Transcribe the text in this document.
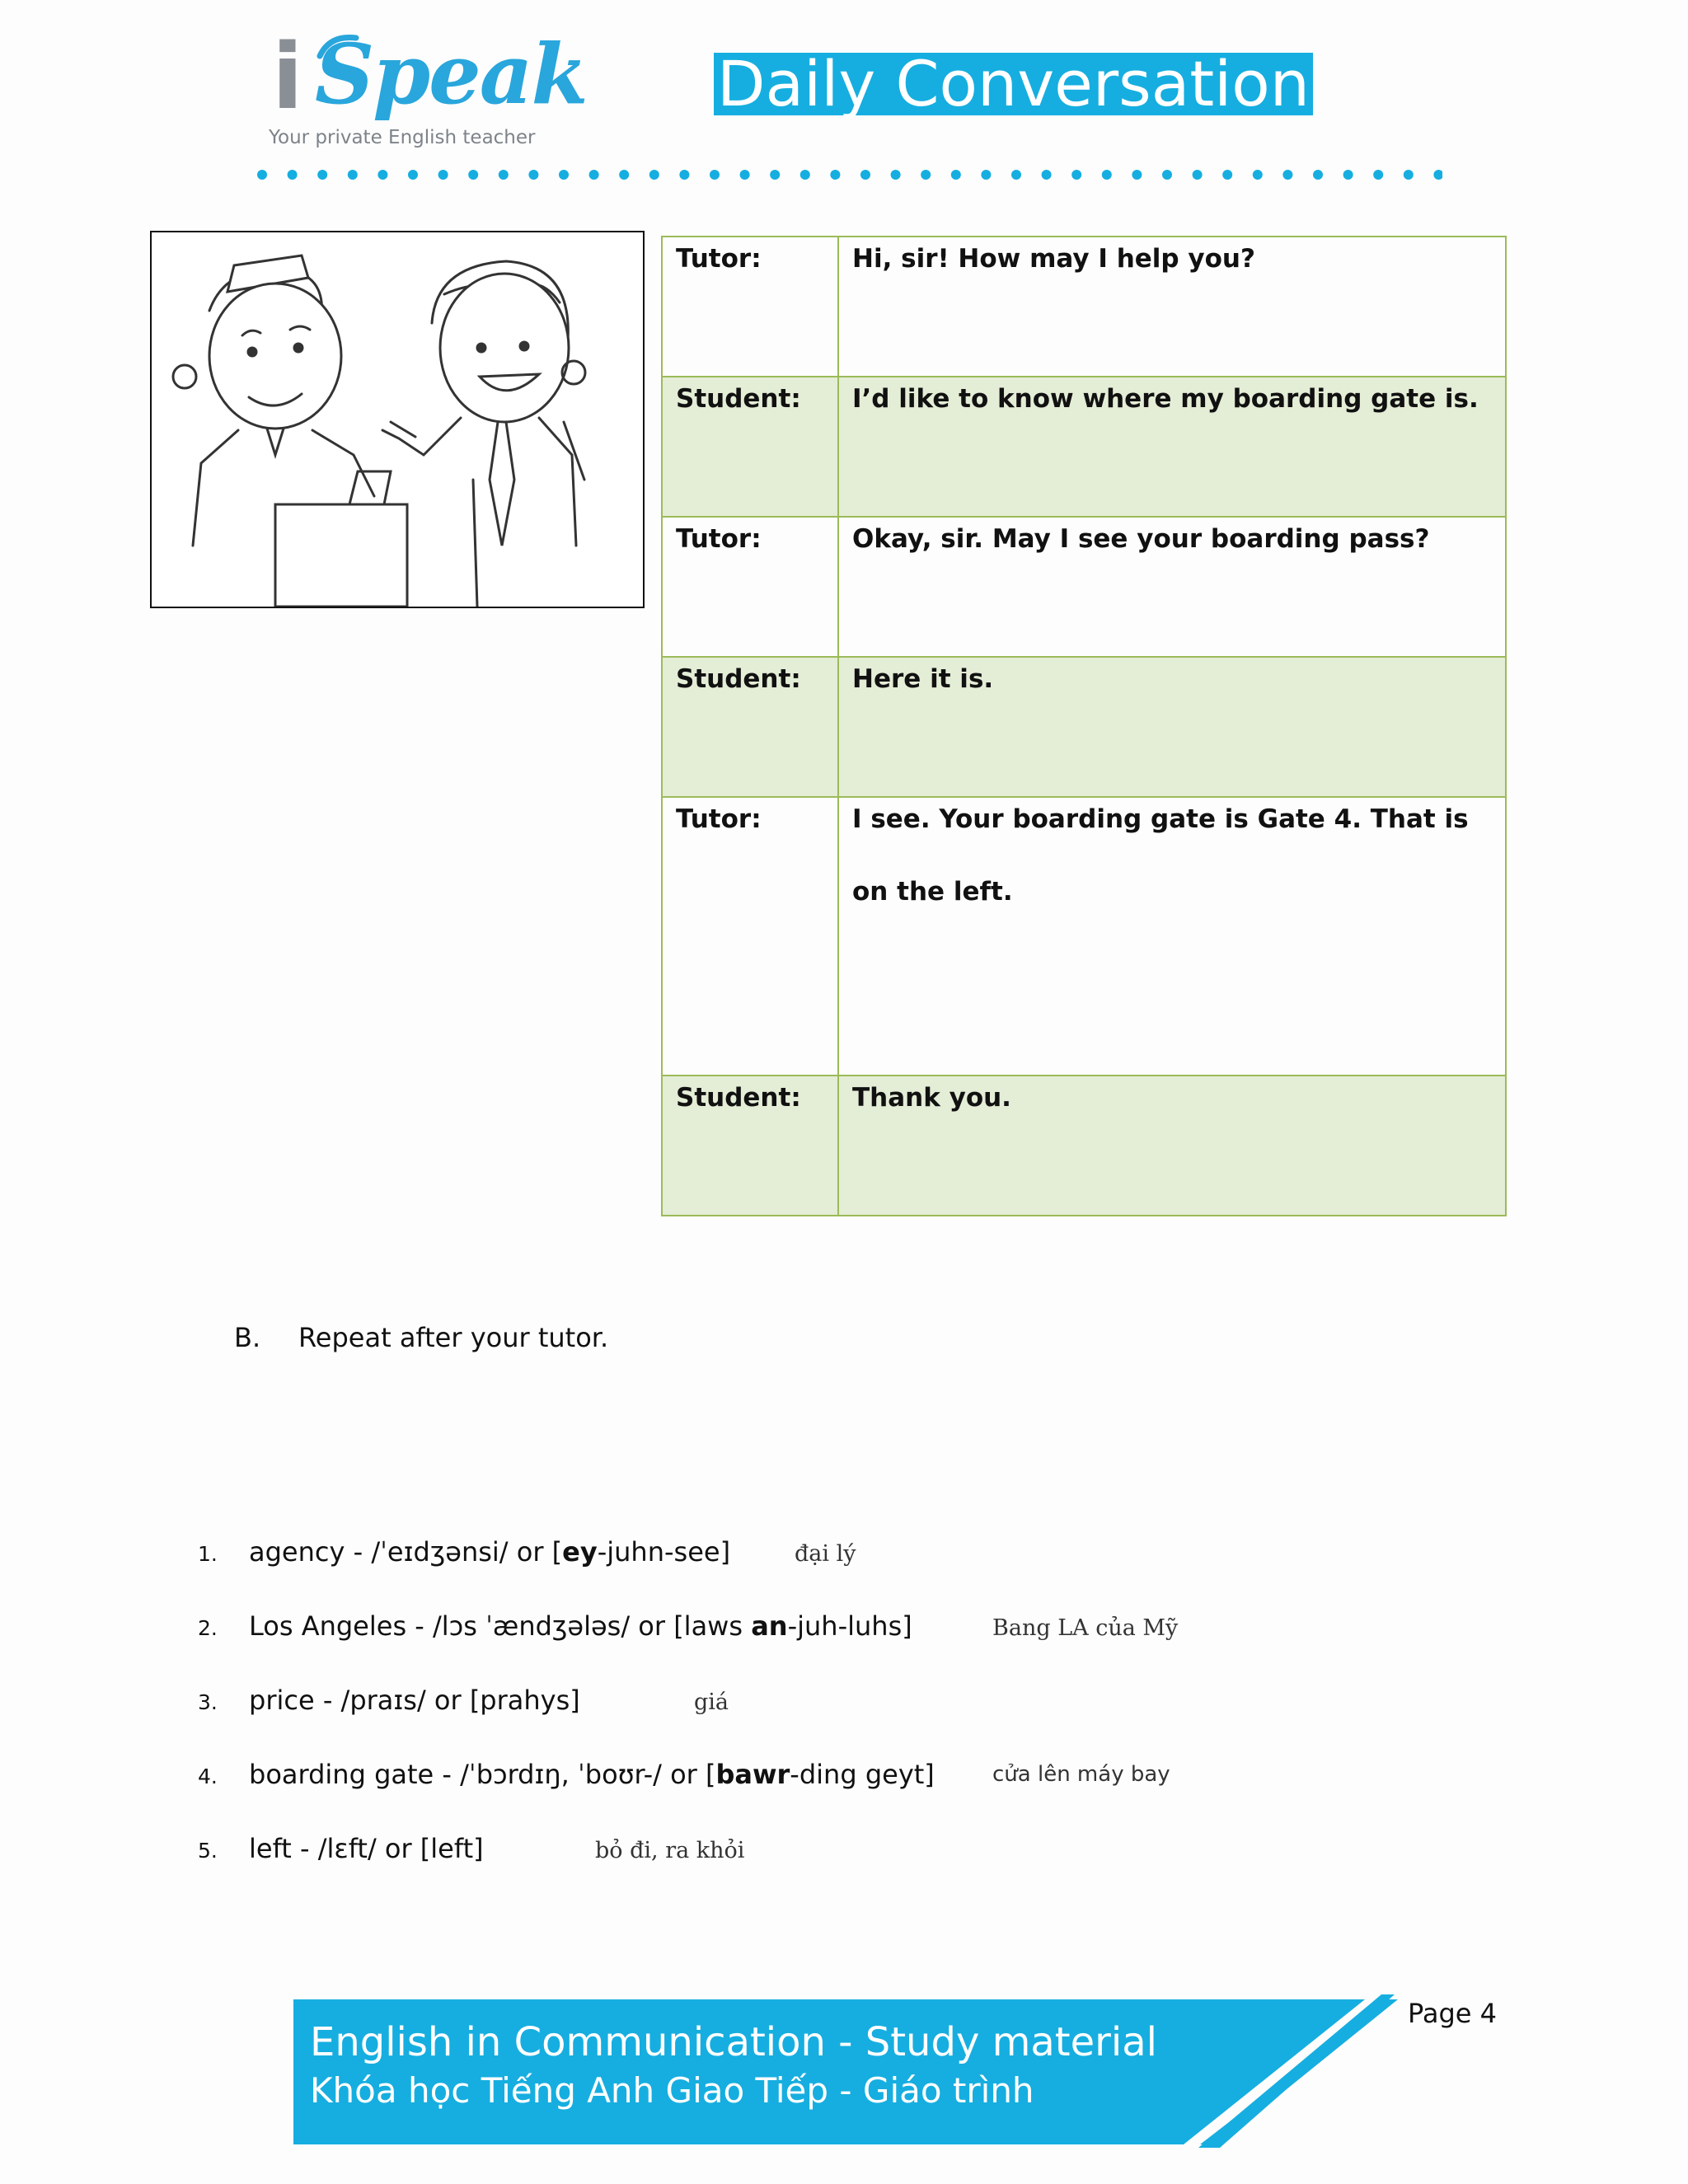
i Speak
Your private English teacher
Daily Conversation
Tutor:	Hi, sir! How may I help you?

Student:	I’d like to know where my boarding gate is.

Tutor:	Okay, sir. May I see your boarding pass?

Student:	Here it is.

Tutor:	I see. Your boarding gate is Gate 4. That is on the left.

Student:	Thank you.
B. Repeat after your tutor.
1. agency - /ˈeɪdʒənsi/ or [ey-juhn-see]	đại lý
2. Los Angeles - /lɔs ˈændʒələs/ or [laws an-juh-luhs]	Bang LA của Mỹ
3. price - /praɪs/ or [prahys]	giá
4. boarding gate - /ˈbɔrdɪŋ, ˈboʊr-/ or [bawr-ding geyt]	cửa lên máy bay
5. left - /lɛft/ or [left]	bỏ đi, ra khỏi
English in Communication - Study material
Khóa học Tiếng Anh Giao Tiếp - Giáo trình
Page 4
